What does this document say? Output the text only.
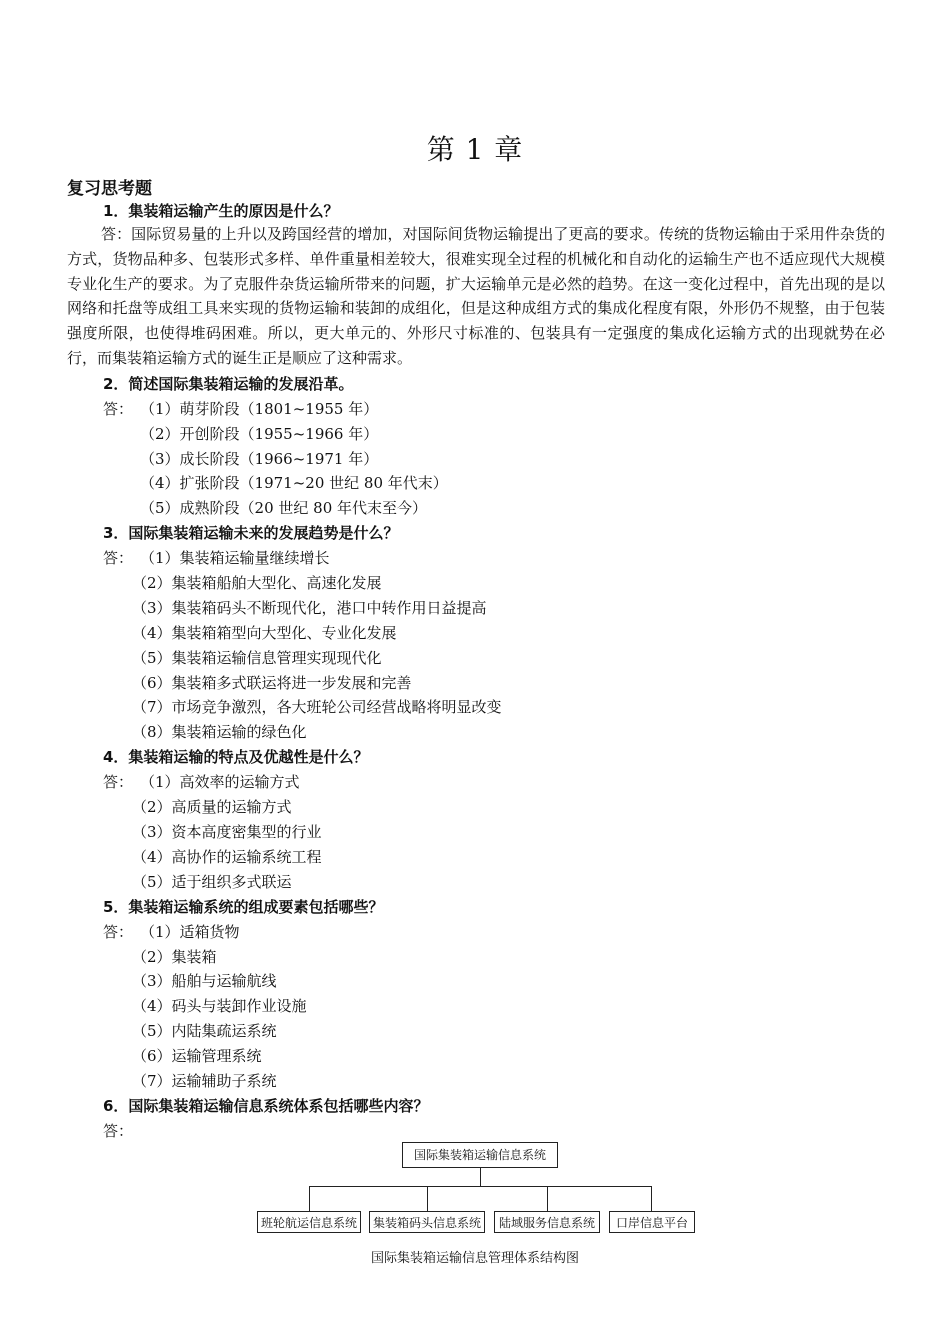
第 1 章
复习思考题
1．集装箱运输产生的原因是什么？

答：国际贸易量的上升以及跨国经营的增加，对国际间货物运输提出了更高的要求。传统的货物运输由于采用件杂货的方式，货物品种多、包装形式多样、单件重量相差较大，很难实现全过程的机械化和自动化的运输生产也不适应现代大规模专业化生产的要求。为了克服件杂货运输所带来的问题，扩大运输单元是必然的趋势。在这一变化过程中，首先出现的是以网络和托盘等成组工具来实现的货物运输和装卸的成组化，但是这种成组方式的集成化程度有限，外形仍不规整，由于包装强度所限，也使得堆码困难。所以，更大单元的、外形尺寸标准的、包装具有一定强度的集成化运输方式的出现就势在必行，而集装箱运输方式的诞生正是顺应了这种需求。

2．简述国际集装箱运输的发展沿革。
答： （1）萌芽阶段（1801~1955 年）
（2）开创阶段（1955~1966 年）
（3）成长阶段（1966~1971 年）
（4）扩张阶段（1971~20 世纪 80 年代末）
（5）成熟阶段（20 世纪 80 年代末至今）
3．国际集装箱运输未来的发展趋势是什么？
答： （1）集装箱运输量继续增长
（2）集装箱船舶大型化、高速化发展
（3）集装箱码头不断现代化，港口中转作用日益提高
（4）集装箱箱型向大型化、专业化发展
（5）集装箱运输信息管理实现现代化
（6）集装箱多式联运将进一步发展和完善
（7）市场竞争激烈，各大班轮公司经营战略将明显改变
（8）集装箱运输的绿色化
4．集装箱运输的特点及优越性是什么？
答： （1）高效率的运输方式
（2）高质量的运输方式
（3）资本高度密集型的行业
（4）高协作的运输系统工程
（5）适于组织多式联运
5．集装箱运输系统的组成要素包括哪些？
答： （1）适箱货物
（2）集装箱
（3）船舶与运输航线
（4）码头与装卸作业设施
（5）内陆集疏运系统
（6）运输管理系统
（7）运输辅助子系统
6．国际集装箱运输信息系统体系包括哪些内容？
答：
国际集装箱运输信息系统
班轮航运信息系统	集装箱码头信息系统	陆域服务信息系统	口岸信息平台
国际集装箱运输信息管理体系结构图
